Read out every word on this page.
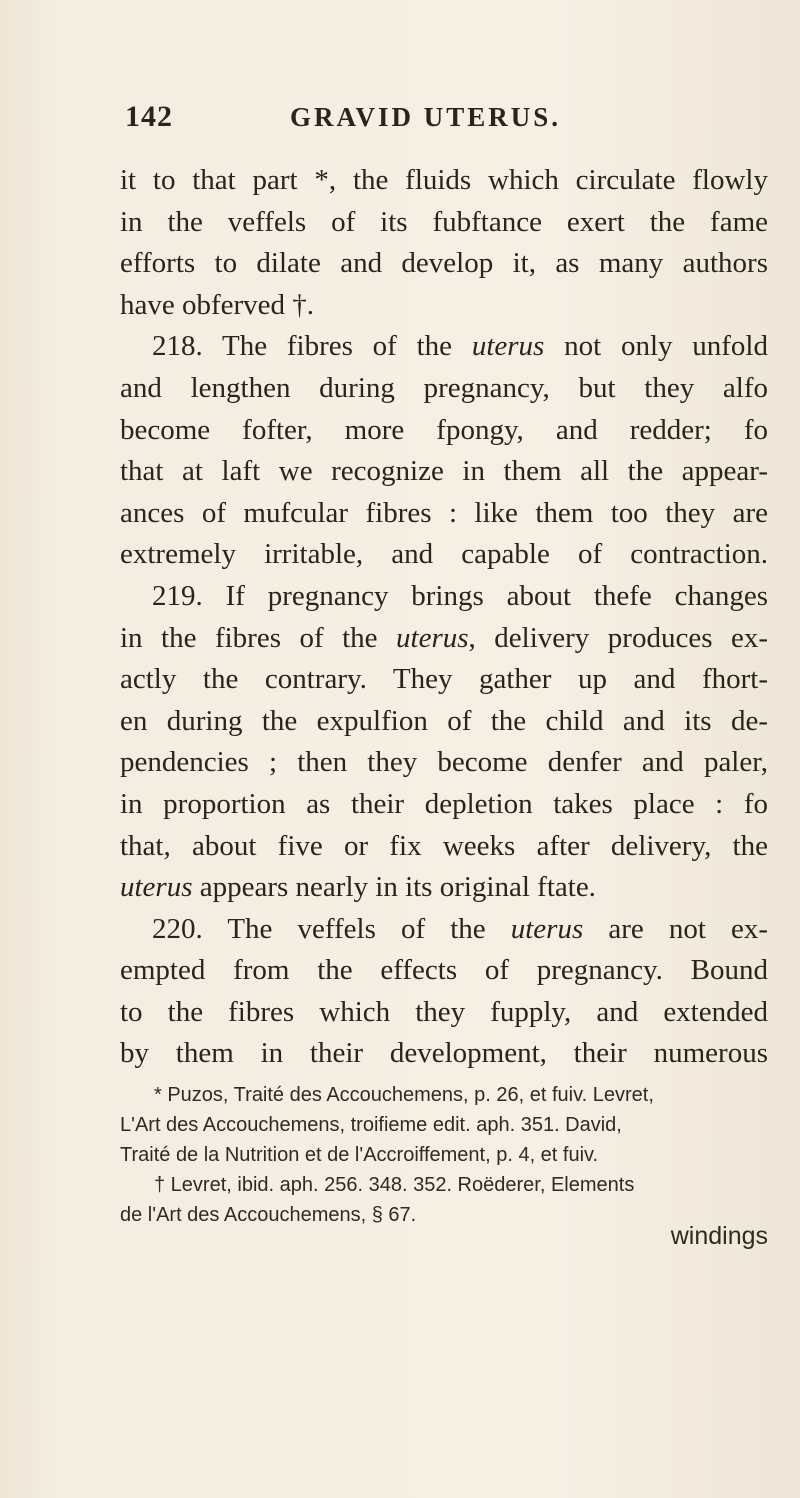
142	GRAVID UTERUS.
it to that part *, the fluids which circulate flowly
in the veffels of its fubftance exert the fame
efforts to dilate and develop it, as many authors
have obferved †.
218. The fibres of the uterus not only unfold
and lengthen during pregnancy, but they alfo
become fofter, more fpongy, and redder; fo
that at laft we recognize in them all the appear-
ances of mufcular fibres : like them too they are
extremely irritable, and capable of contraction.
219. If pregnancy brings about thefe changes
in the fibres of the uterus, delivery produces ex-
actly the contrary. They gather up and fhort-
en during the expulfion of the child and its de-
pendencies ; then they become denfer and paler,
in proportion as their depletion takes place : fo
that, about five or fix weeks after delivery, the
uterus appears nearly in its original ftate.
220. The veffels of the uterus are not ex-
empted from the effects of pregnancy. Bound
to the fibres which they fupply, and extended
by them in their development, their numerous
* Puzos, Traité des Accouchemens, p. 26, et fuiv. Levret,
L'Art des Accouchemens, troifieme edit. aph. 351. David,
Traité de la Nutrition et de l'Accroiffement, p. 4, et fuiv.
† Levret, ibid. aph. 256. 348. 352. Roëderer, Elements
de l'Art des Accouchemens, § 67.
windings
